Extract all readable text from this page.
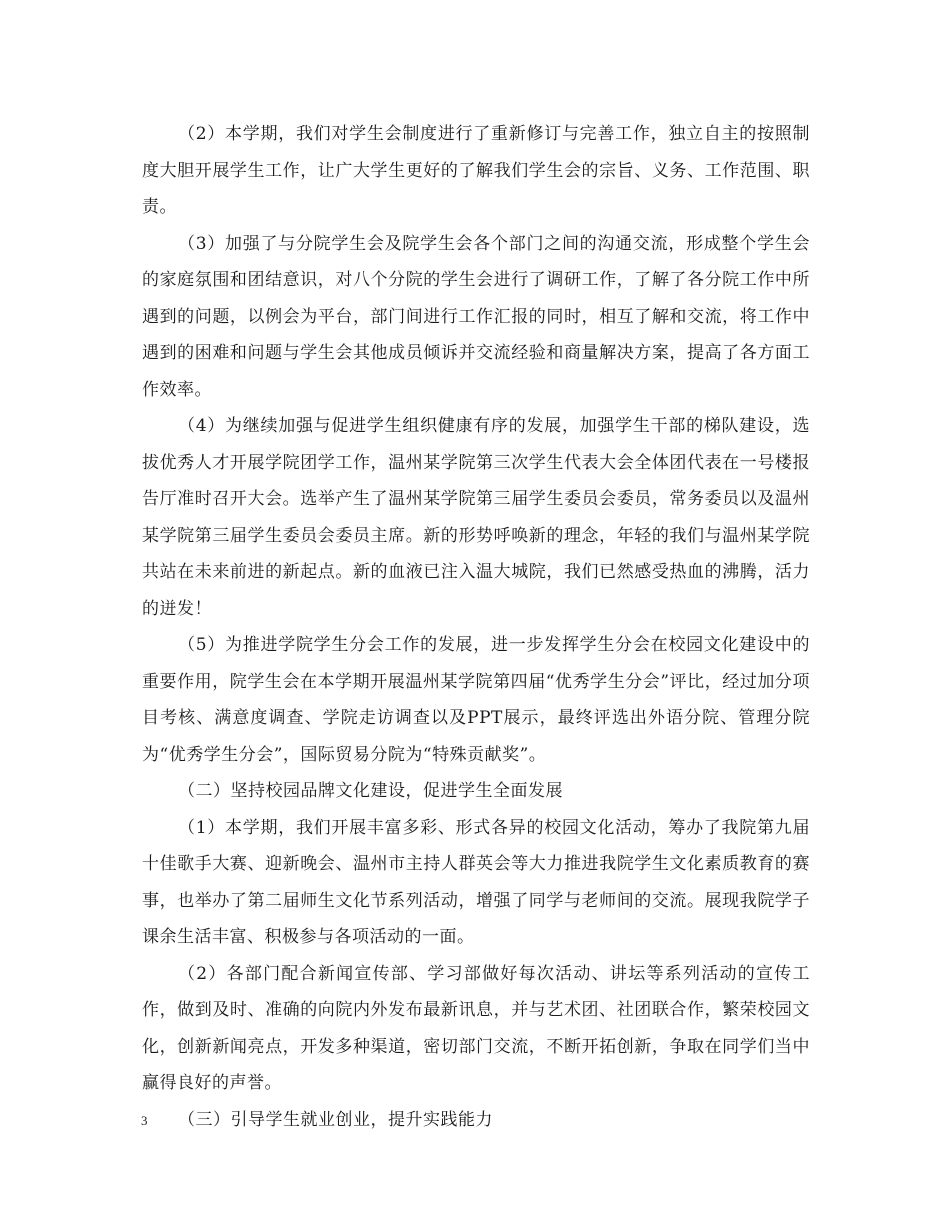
（2）本学期，我们对学生会制度进行了重新修订与完善工作，独立自主的按照制度大胆开展学生工作，让广大学生更好的了解我们学生会的宗旨、义务、工作范围、职责。

（3）加强了与分院学生会及院学生会各个部门之间的沟通交流，形成整个学生会的家庭氛围和团结意识，对八个分院的学生会进行了调研工作，了解了各分院工作中所遇到的问题，以例会为平台，部门间进行工作汇报的同时，相互了解和交流，将工作中遇到的困难和问题与学生会其他成员倾诉并交流经验和商量解决方案，提高了各方面工作效率。

（4）为继续加强与促进学生组织健康有序的发展，加强学生干部的梯队建设，选拔优秀人才开展学院团学工作，温州某学院第三次学生代表大会全体团代表在一号楼报告厅准时召开大会。选举产生了温州某学院第三届学生委员会委员，常务委员以及温州某学院第三届学生委员会委员主席。新的形势呼唤新的理念，年轻的我们与温州某学院共站在未来前进的新起点。新的血液已注入温大城院，我们已然感受热血的沸腾，活力的迸发！

（5）为推进学院学生分会工作的发展，进一步发挥学生分会在校园文化建设中的重要作用，院学生会在本学期开展温州某学院第四届“优秀学生分会”评比，经过加分项目考核、满意度调查、学院走访调查以及PPT展示，最终评选出外语分院、管理分院为“优秀学生分会”，国际贸易分院为“特殊贡献奖”。

（二）坚持校园品牌文化建设，促进学生全面发展

（1）本学期，我们开展丰富多彩、形式各异的校园文化活动，筹办了我院第九届十佳歌手大赛、迎新晚会、温州市主持人群英会等大力推进我院学生文化素质教育的赛事，也举办了第二届师生文化节系列活动，增强了同学与老师间的交流。展现我院学子课余生活丰富、积极参与各项活动的一面。

（2）各部门配合新闻宣传部、学习部做好每次活动、讲坛等系列活动的宣传工作，做到及时、准确的向院内外发布最新讯息，并与艺术团、社团联合作，繁荣校园文化，创新新闻亮点，开发多种渠道，密切部门交流，不断开拓创新，争取在同学们当中赢得良好的声誉。

（三）引导学生就业创业，提升实践能力

3
